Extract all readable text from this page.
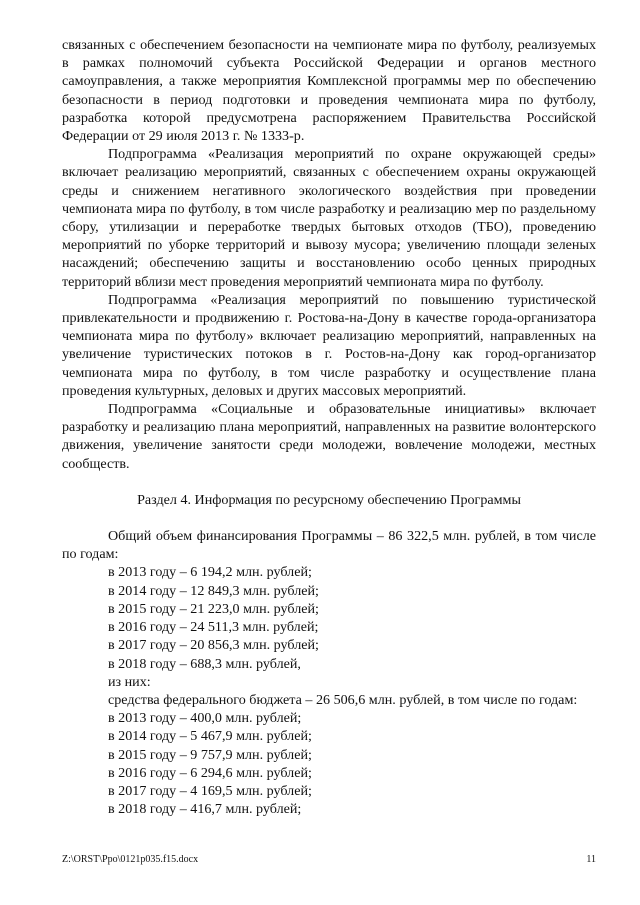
связанных с обеспечением безопасности на чемпионате мира по футболу, реализуемых в рамках полномочий субъекта Российской Федерации и органов местного самоуправления, а также мероприятия Комплексной программы мер по обеспечению безопасности в период подготовки и проведения чемпионата мира по футболу, разработка которой предусмотрена распоряжением Правительства Российской Федерации от 29 июля 2013 г. № 1333-р.

Подпрограмма «Реализация мероприятий по охране окружающей среды» включает реализацию мероприятий, связанных с обеспечением охраны окружающей среды и снижением негативного экологического воздействия при проведении чемпионата мира по футболу, в том числе разработку и реализацию мер по раздельному сбору, утилизации и переработке твердых бытовых отходов (ТБО), проведению мероприятий по уборке территорий и вывозу мусора; увеличению площади зеленых насаждений; обеспечению защиты и восстановлению особо ценных природных территорий вблизи мест проведения мероприятий чемпионата мира по футболу.

Подпрограмма «Реализация мероприятий по повышению туристической привлекательности и продвижению г. Ростова-на-Дону в качестве города-организатора чемпионата мира по футболу» включает реализацию мероприятий, направленных на увеличение туристических потоков в г. Ростов-на-Дону как город-организатор чемпионата мира по футболу, в том числе разработку и осуществление плана проведения культурных, деловых и других массовых мероприятий.

Подпрограмма «Социальные и образовательные инициативы» включает разработку и реализацию плана мероприятий, направленных на развитие волонтерского движения, увеличение занятости среди молодежи, вовлечение молодежи, местных сообществ.

Раздел 4. Информация по ресурсному обеспечению Программы

Общий объем финансирования Программы – 86 322,5 млн. рублей, в том числе по годам:

в 2013 году – 6 194,2 млн. рублей;

в 2014 году – 12 849,3 млн. рублей;

в 2015 году – 21 223,0 млн. рублей;

в 2016 году – 24 511,3 млн. рублей;

в 2017 году – 20 856,3 млн. рублей;

в 2018 году – 688,3 млн. рублей,

из них:

средства федерального бюджета – 26 506,6 млн. рублей, в том числе по годам:

в 2013 году – 400,0 млн. рублей;

в 2014 году – 5 467,9 млн. рублей;

в 2015 году – 9 757,9 млн. рублей;

в 2016 году – 6 294,6 млн. рублей;

в 2017 году – 4 169,5 млн. рублей;

в 2018 году – 416,7 млн. рублей;

Z:\ORST\Ppo\0121p035.f15.docx	11
